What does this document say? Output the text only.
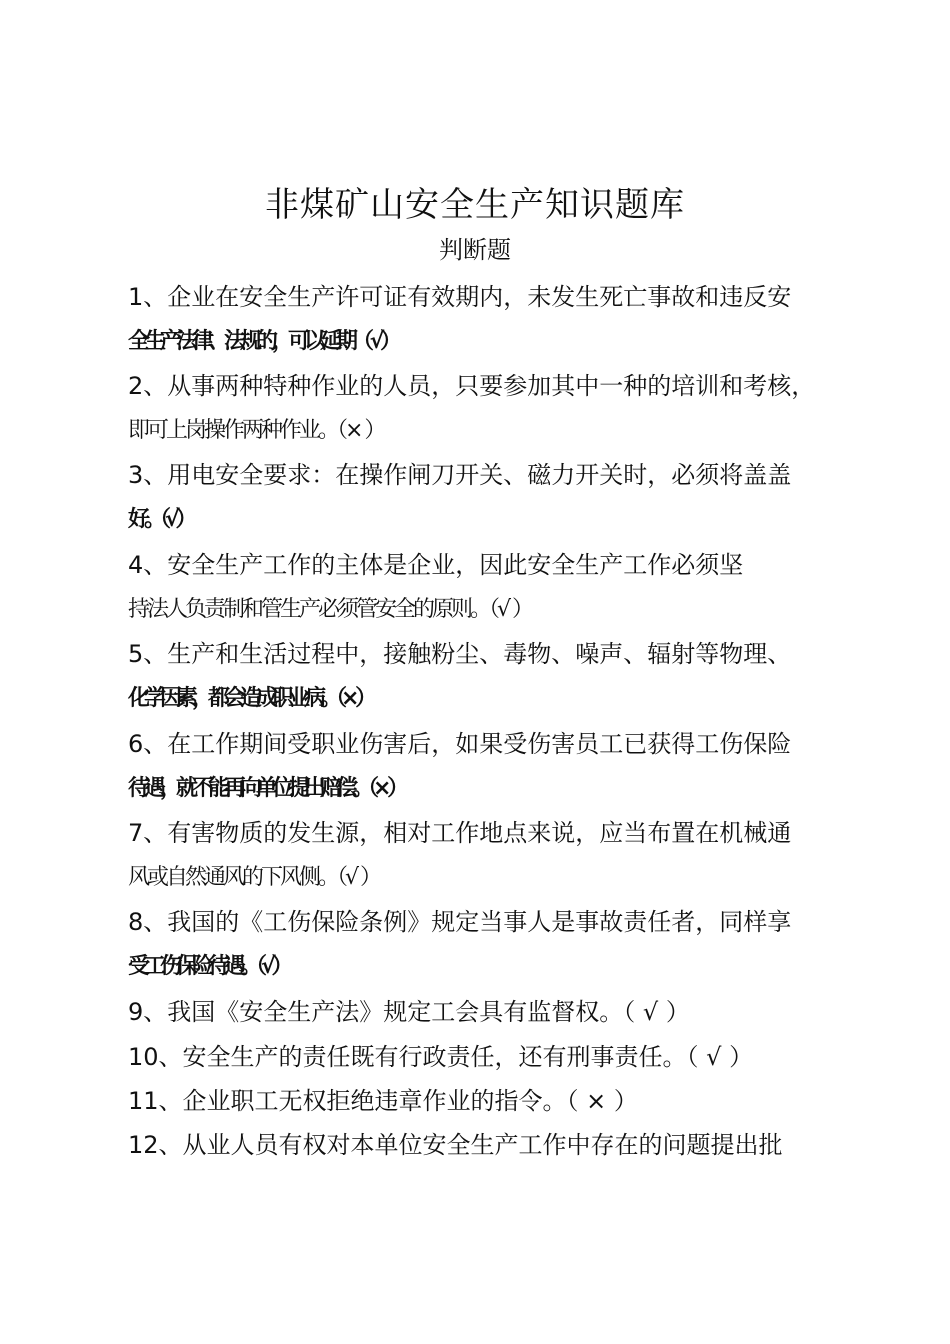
非煤矿山安全生产知识题库
判断题
1、企业在安全生产许可证有效期内，未发生死亡事故和违反安
全生产法律、法规的，可以延期（ √ ）
2、从事两种特种作业的人员，只要参加其中一种的培训和考核，
即可上岗操作两种作业。（× ）
3、用电安全要求：在操作闸刀开关、磁力开关时，必须将盖盖
好。（√ ）
4、安全生产工作的主体是企业，因此安全生产工作必须坚
持法人负责制和管生产必须管安全的原则。（√ ）
5、生产和生活过程中，接触粉尘、毒物、噪声、辐射等物理、
化学因素，都会造成职业病。（× ）
6、在工作期间受职业伤害后，如果受伤害员工已获得工伤保险
待遇，就不能再向单位提出赔偿。（× ）
7、有害物质的发生源，相对工作地点来说，应当布置在机械通
风或自然通风的下风侧。（√ ）
8、我国的《工伤保险条例》规定当事人是事故责任者，同样享
受工伤保险待遇。（√ ）
9、我国《安全生产法》规定工会具有监督权。（ √ ）
10、安全生产的责任既有行政责任，还有刑事责任。（ √ ）
11、企业职工无权拒绝违章作业的指令。（ × ）
12、从业人员有权对本单位安全生产工作中存在的问题提出批
